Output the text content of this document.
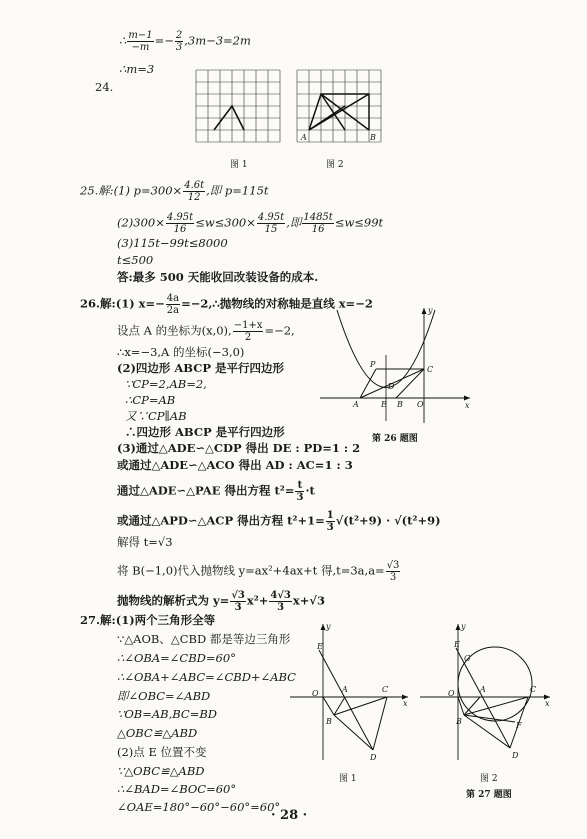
∴ $\frac{m-1}{-m} =- \frac{2}{3} ,3m-3=2m$
∴m=3
24.
图 1
A	B
图 2
25.解:(1) $p=300\times \frac{4.6t}{12}$ ,即 p=115t
$(2)300\times \frac{4.95t}{16} \le w\le 300\times \frac{4.95t}{15}$ ,即 $\frac{1485t}{16} \le w\le 99t$
(3)115t−99t≤8000
t≤500
答:最多 500 天能收回改装设备的成本.
26.解:(1) $x=- \frac{4a}{2a}$ =−2,∴抛物线的对称轴是直线 x=−2
设点 A 的坐标为(x,0), $\frac{-1+x}{2} =-2$,
∴x=−3,A 的坐标(−3,0)
(2)四边形 ABCP 是平行四边形
∵CP=2,AB=2,
∴CP=AB
又∵CP∥AB
∴四边形 ABCP 是平行四边形
(3)通过△ADE∽△CDP 得出 DE : PD=1 : 2
或通过△ADE∽△ACO 得出 AD : AC=1 : 3
通过△ADE∽△PAE 得出方程 $t^2= \frac{t}{3} \cdot t$
或通过△APD∽△ACP 得出方程 $t^2+1= \frac{1}{3} √(t^2+9) \cdot √(t^2+9)$
解得 t=√3
将 B(−1,0)代入抛物线 y=ax²+4ax+t 得$,t=3a,a= \frac{√3}{3}$
抛物线的解析式为 $y= \frac{√3}{3} x^2+ \frac{4√3}{3} x+√3$
P
C
D
A	E B O
y
x
第 26 题图
27.解:(1)两个三角形全等
∵△AOB、△CBD 都是等边三角形
∴∠OBA=∠CBD=60°
∴∠OBA+∠ABC=∠CBD+∠ABC
即∠OBC=∠ABD
∵OB=AB,BC=BD
△OBC≌△ABD
(2)点 E 位置不变
∵△OBC≌△ABD
∴∠BAD=∠BOC=60°
∠OAE=180°−60°−60°=60°
E
O	A	C
B
D
y
x
图 1
E
G
O	A	C
B	F
D
y
x
图 2
第 27 题图
· 28 ·
